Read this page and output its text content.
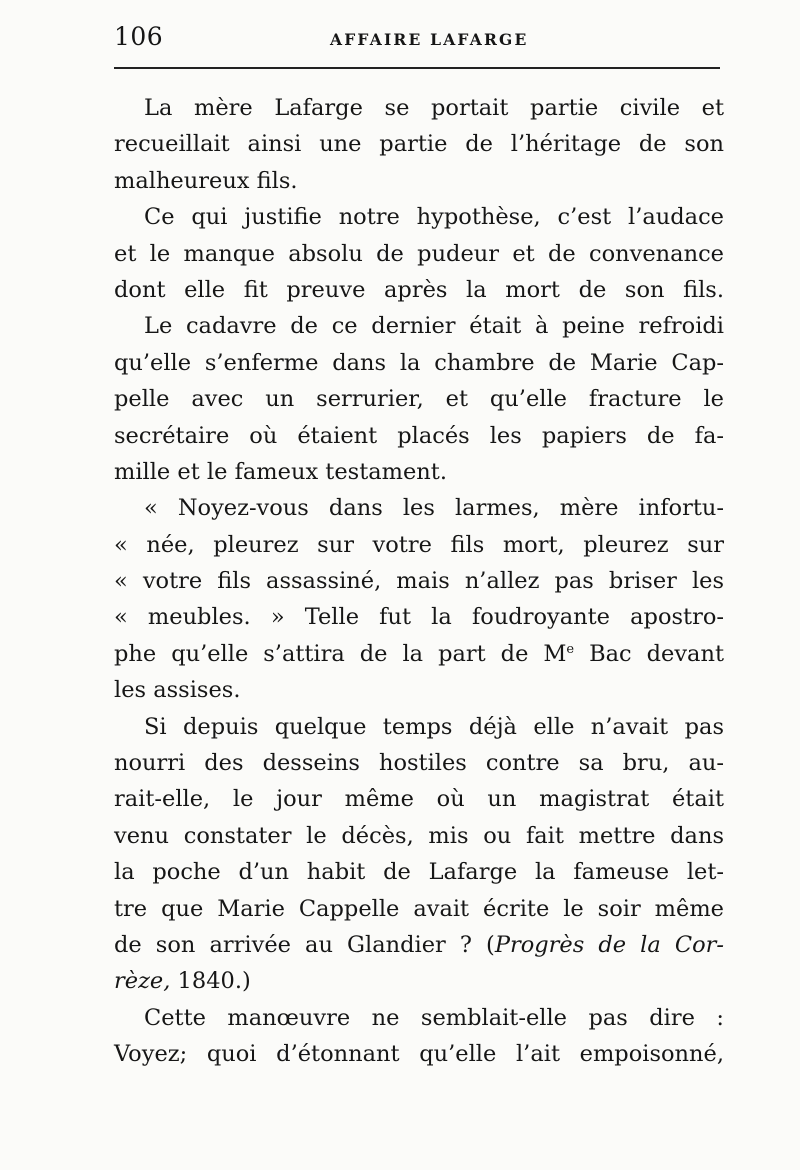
106	AFFAIRE LAFARGE
La mère Lafarge se portait partie civile et
recueillait ainsi une partie de l’héritage de son
malheureux fils.
Ce qui justifie notre hypothèse, c’est l’audace
et le manque absolu de pudeur et de convenance
dont elle fit preuve après la mort de son fils.
Le cadavre de ce dernier était à peine refroidi
qu’elle s’enferme dans la chambre de Marie Cap-
pelle avec un serrurier, et qu’elle fracture le
secrétaire où étaient placés les papiers de fa-
mille et le fameux testament.
« Noyez-vous dans les larmes, mère infortu-
« née, pleurez sur votre fils mort, pleurez sur
« votre fils assassiné, mais n’allez pas briser les
« meubles. » Telle fut la foudroyante apostro-
phe qu’elle s’attira de la part de Me Bac devant
les assises.
Si depuis quelque temps déjà elle n’avait pas
nourri des desseins hostiles contre sa bru, au-
rait-elle, le jour même où un magistrat était
venu constater le décès, mis ou fait mettre dans
la poche d’un habit de Lafarge la fameuse let-
tre que Marie Cappelle avait écrite le soir même
de son arrivée au Glandier ? (Progrès de la Cor-
rèze, 1840.)
Cette manœuvre ne semblait-elle pas dire :
Voyez; quoi d’étonnant qu’elle l’ait empoisonné,
